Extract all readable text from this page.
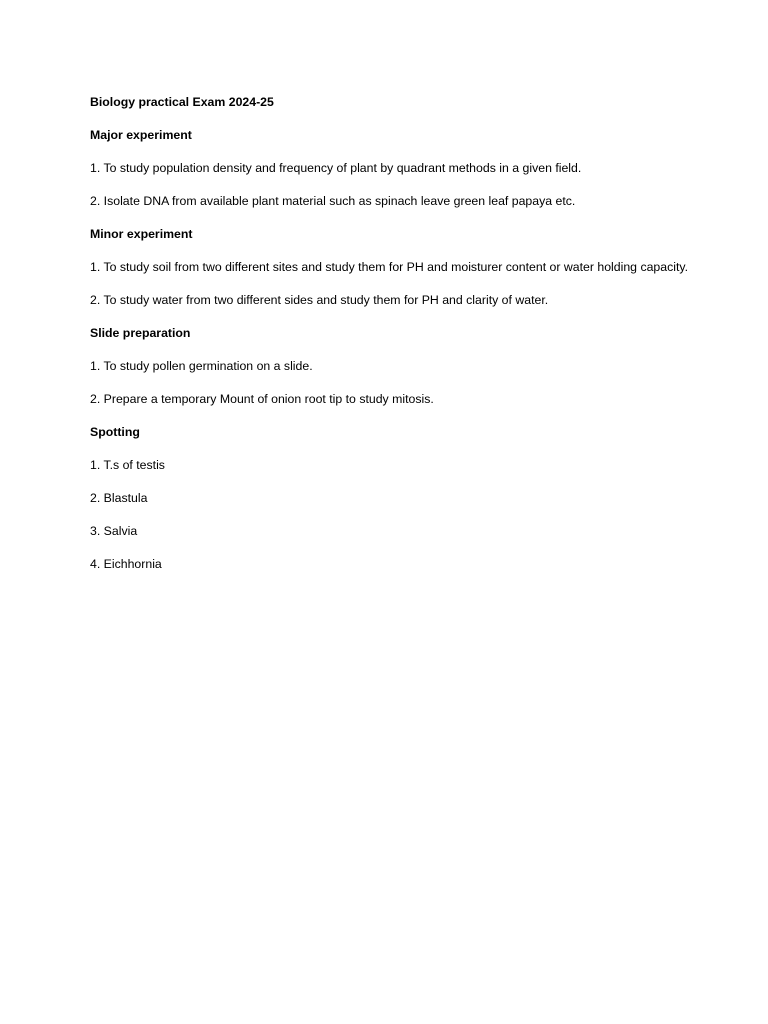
Biology practical Exam 2024-25

Major experiment

1. To study population density and frequency of plant by quadrant methods in a given field.

2. Isolate DNA from available plant material such as spinach leave green leaf papaya etc.

Minor experiment

1. To study soil from two different sites and study them for PH and moisturer content or water holding capacity.

2. To study water from two different sides and study them for PH and clarity of water.

Slide preparation

1. To study pollen germination on a slide.

2. Prepare a temporary Mount of onion root tip to study mitosis.

Spotting

1. T.s of testis

2. Blastula

3. Salvia

4. Eichhornia
